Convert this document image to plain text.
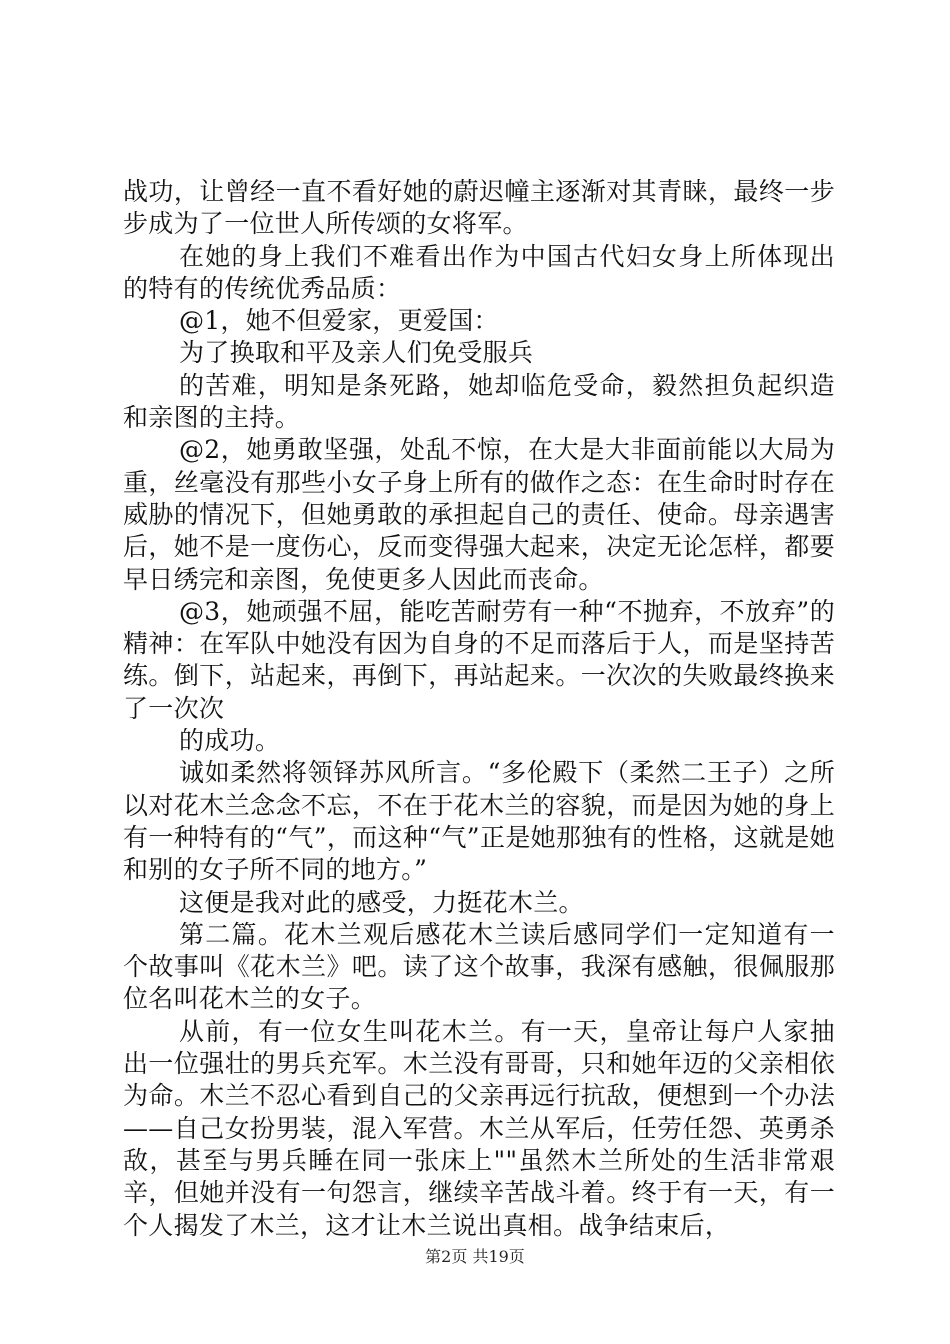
战功，让曾经一直不看好她的蔚迟幢主逐渐对其青睐，最终一步步成为了一位世人所传颂的女将军。

在她的身上我们不难看出作为中国古代妇女身上所体现出的特有的传统优秀品质：

@1，她不但爱家，更爱国：

为了换取和平及亲人们免受服兵

的苦难，明知是条死路，她却临危受命，毅然担负起织造和亲图的主持。

@2，她勇敢坚强，处乱不惊，在大是大非面前能以大局为重，丝毫没有那些小女子身上所有的做作之态：在生命时时存在威胁的情况下，但她勇敢的承担起自己的责任、使命。母亲遇害后，她不是一度伤心，反而变得强大起来，决定无论怎样，都要早日绣完和亲图，免使更多人因此而丧命。

@3，她顽强不屈，能吃苦耐劳有一种“不抛弃，不放弃”的精神：在军队中她没有因为自身的不足而落后于人，而是坚持苦练。倒下，站起来，再倒下，再站起来。一次次的失败最终换来了一次次

的成功。

诚如柔然将领铎苏风所言。“多伦殿下（柔然二王子）之所以对花木兰念念不忘，不在于花木兰的容貌，而是因为她的身上有一种特有的“气”，而这种“气”正是她那独有的性格，这就是她和别的女子所不同的地方。”

这便是我对此的感受，力挺花木兰。

第二篇。花木兰观后感花木兰读后感同学们一定知道有一个故事叫《花木兰》吧。读了这个故事，我深有感触，很佩服那位名叫花木兰的女子。

从前，有一位女生叫花木兰。有一天，皇帝让每户人家抽出一位强壮的男兵充军。木兰没有哥哥，只和她年迈的父亲相依为命。木兰不忍心看到自己的父亲再远行抗敌，便想到一个办法——自己女扮男装，混入军营。木兰从军后，任劳任怨、英勇杀敌，甚至与男兵睡在同一张床上""虽然木兰所处的生活非常艰辛，但她并没有一句怨言，继续辛苦战斗着。终于有一天，有一个人揭发了木兰，这才让木兰说出真相。战争结束后，

第2页 共19页
